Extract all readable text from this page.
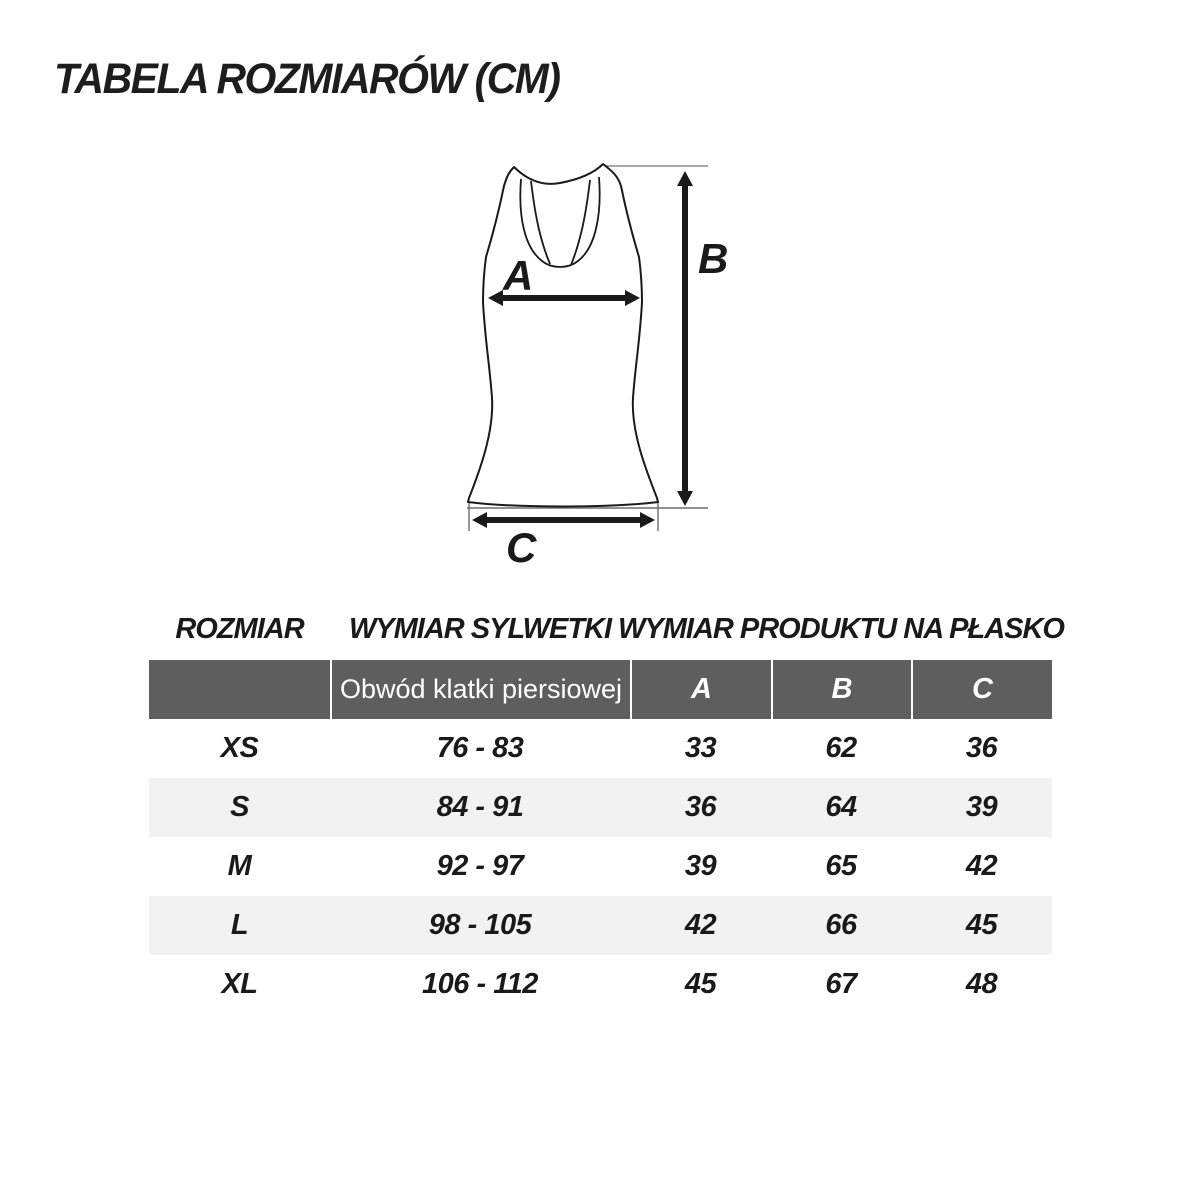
TABELA ROZMIARÓW (CM)
A	B
C
ROZMIAR	WYMIAR SYLWETKI WYMIAR PRODUKTU NA PŁASKO
Obwód klatki piersiowej	A	B	C
XS	76 - 83	33	62	36
S	84 - 91	36	64	39
M	92 - 97	39	65	42
L	98 - 105	42	66	45
XL	106 - 112	45	67	48
